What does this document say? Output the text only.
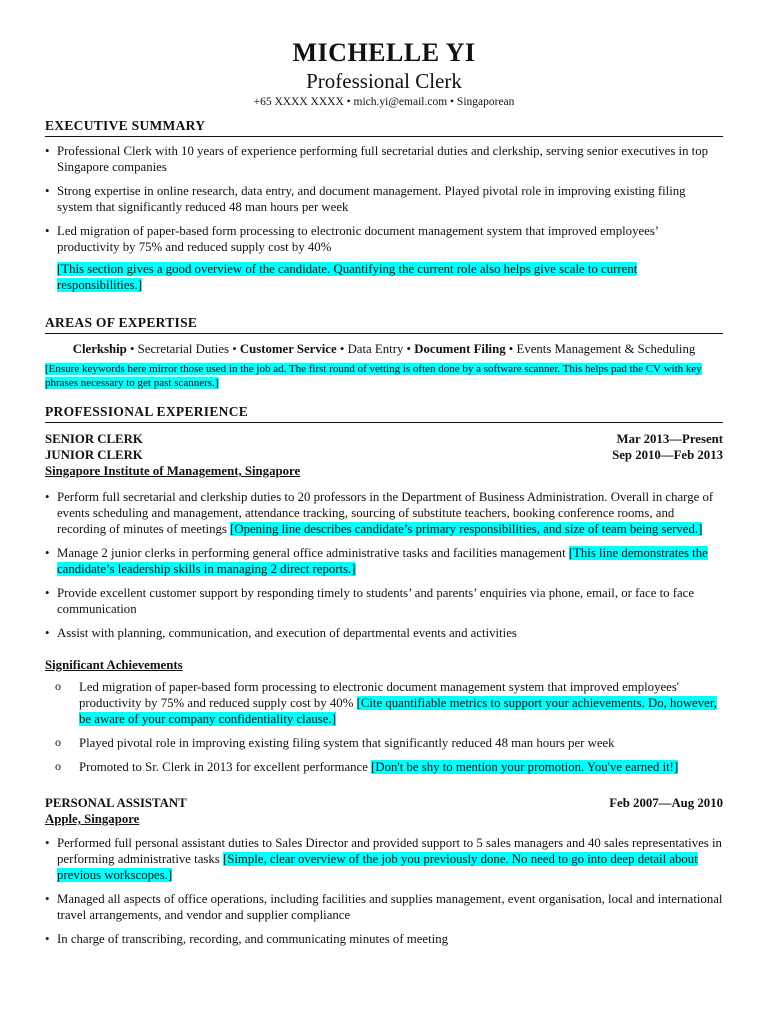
MICHELLE YI

Professional Clerk

+65 XXXX XXXX • mich.yi@email.com • Singaporean

EXECUTIVE SUMMARY
• Professional Clerk with 10 years of experience performing full secretarial duties and clerkship, serving senior executives in top Singapore companies
• Strong expertise in online research, data entry, and document management. Played pivotal role in improving existing filing system that significantly reduced 48 man hours per week
• Led migration of paper-based form processing to electronic document management system that improved employees’ productivity by 75% and reduced supply cost by 40%
[This section gives a good overview of the candidate. Quantifying the current role also helps give scale to current responsibilities.]
AREAS OF EXPERTISE
Clerkship • Secretarial Duties • Customer Service • Data Entry • Document Filing • Events Management & Scheduling
[Ensure keywords here mirror those used in the job ad. The first round of vetting is often done by a software scanner. This helps pad the CV with key phrases necessary to get past scanners.]
PROFESSIONAL EXPERIENCE
SENIOR CLERK	Mar 2013—Present
JUNIOR CLERK	Sep 2010—Feb 2013
Singapore Institute of Management, Singapore
• Perform full secretarial and clerkship duties to 20 professors in the Department of Business Administration. Overall in charge of events scheduling and management, attendance tracking, sourcing of substitute teachers, booking conference rooms, and recording of minutes of meetings [Opening line describes candidate’s primary responsibilities, and size of team being served.]
• Manage 2 junior clerks in performing general office administrative tasks and facilities management [This line demonstrates the candidate’s leadership skills in managing 2 direct reports.]
• Provide excellent customer support by responding timely to students’ and parents’ enquiries via phone, email, or face to face communication
• Assist with planning, communication, and execution of departmental events and activities
Significant Achievements
o Led migration of paper-based form processing to electronic document management system that improved employees' productivity by 75% and reduced supply cost by 40% [Cite quantifiable metrics to support your achievements. Do, however, be aware of your company confidentiality clause.]
o Played pivotal role in improving existing filing system that significantly reduced 48 man hours per week
o Promoted to Sr. Clerk in 2013 for excellent performance [Don't be shy to mention your promotion. You've earned it!]
PERSONAL ASSISTANT	Feb 2007—Aug 2010
Apple, Singapore
• Performed full personal assistant duties to Sales Director and provided support to 5 sales managers and 40 sales representatives in performing administrative tasks [Simple, clear overview of the job you previously done. No need to go into deep detail about previous workscopes.]
• Managed all aspects of office operations, including facilities and supplies management, event organisation, local and international travel arrangements, and vendor and supplier compliance
• In charge of transcribing, recording, and communicating minutes of meeting
